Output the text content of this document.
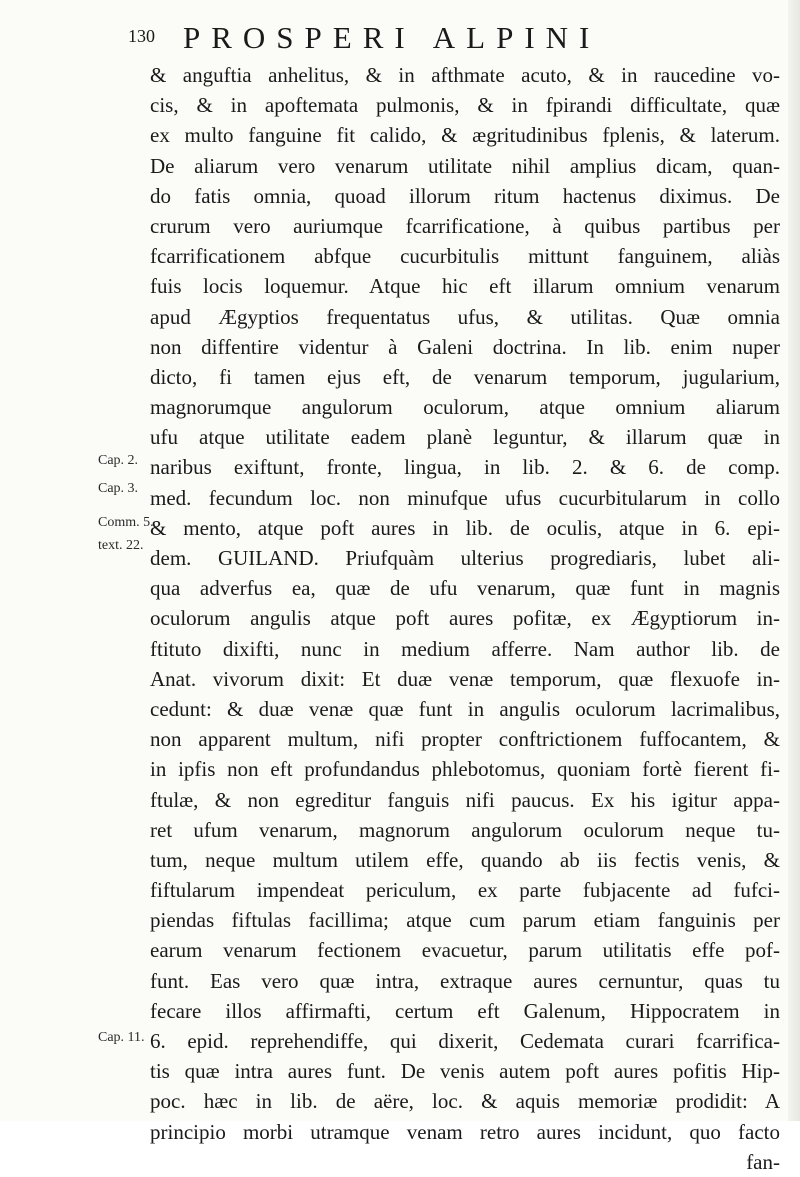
130 PROSPERI ALPINI
Cap. 2.
Cap. 3.
Comm. 5.
text. 22.
Cap. 11.
& anguftia anhelitus, & in afthmate acuto, & in raucedine vo-
cis, & in apoftemata pulmonis, & in fpirandi difficultate, quæ
ex multo fanguine fit calido, & ægritudinibus fplenis, & laterum.
De aliarum vero venarum utilitate nihil amplius dicam, quan-
do fatis omnia, quoad illorum ritum hactenus diximus. De
crurum vero auriumque fcarrificatione, à quibus partibus per
fcarrificationem abfque cucurbitulis mittunt fanguinem, aliàs
fuis locis loquemur. Atque hic eft illarum omnium venarum
apud Ægyptios frequentatus ufus, & utilitas. Quæ omnia
non diffentire videntur à Galeni doctrina. In lib. enim nuper
dicto, fi tamen ejus eft, de venarum temporum, jugularium,
magnorumque angulorum oculorum, atque omnium aliarum
ufu atque utilitate eadem planè leguntur, & illarum quæ in
naribus exiftunt, fronte, lingua, in lib. 2. & 6. de comp.
med. fecundum loc. non minufque ufus cucurbitularum in collo
& mento, atque poft aures in lib. de oculis, atque in 6. epi-
dem. GUILAND. Priufquàm ulterius progrediaris, lubet ali-
qua adverfus ea, quæ de ufu venarum, quæ funt in magnis
oculorum angulis atque poft aures pofitæ, ex Ægyptiorum in-
ftituto dixifti, nunc in medium afferre. Nam author lib. de
Anat. vivorum dixit: Et duæ venæ temporum, quæ flexuofe in-
cedunt: & duæ venæ quæ funt in angulis oculorum lacrimalibus,
non apparent multum, nifi propter conftrictionem fuffocantem, &
in ipfis non eft profundandus phlebotomus, quoniam fortè fierent fi-
ftulæ, & non egreditur fanguis nifi paucus. Ex his igitur appa-
ret ufum venarum, magnorum angulorum oculorum neque tu-
tum, neque multum utilem effe, quando ab iis fectis venis, &
fiftularum impendeat periculum, ex parte fubjacente ad fufci-
piendas fiftulas facillima; atque cum parum etiam fanguinis per
earum venarum fectionem evacuetur, parum utilitatis effe pof-
funt. Eas vero quæ intra, extraque aures cernuntur, quas tu
fecare illos affirmafti, certum eft Galenum, Hippocratem in
6. epid. reprehendiffe, qui dixerit, Cedemata curari fcarrifica-
tis quæ intra aures funt. De venis autem poft aures pofitis Hip-
poc. hæc in lib. de aëre, loc. & aquis memoriæ prodidit: A
principio morbi utramque venam retro aures incidunt, quo facto
fan-
